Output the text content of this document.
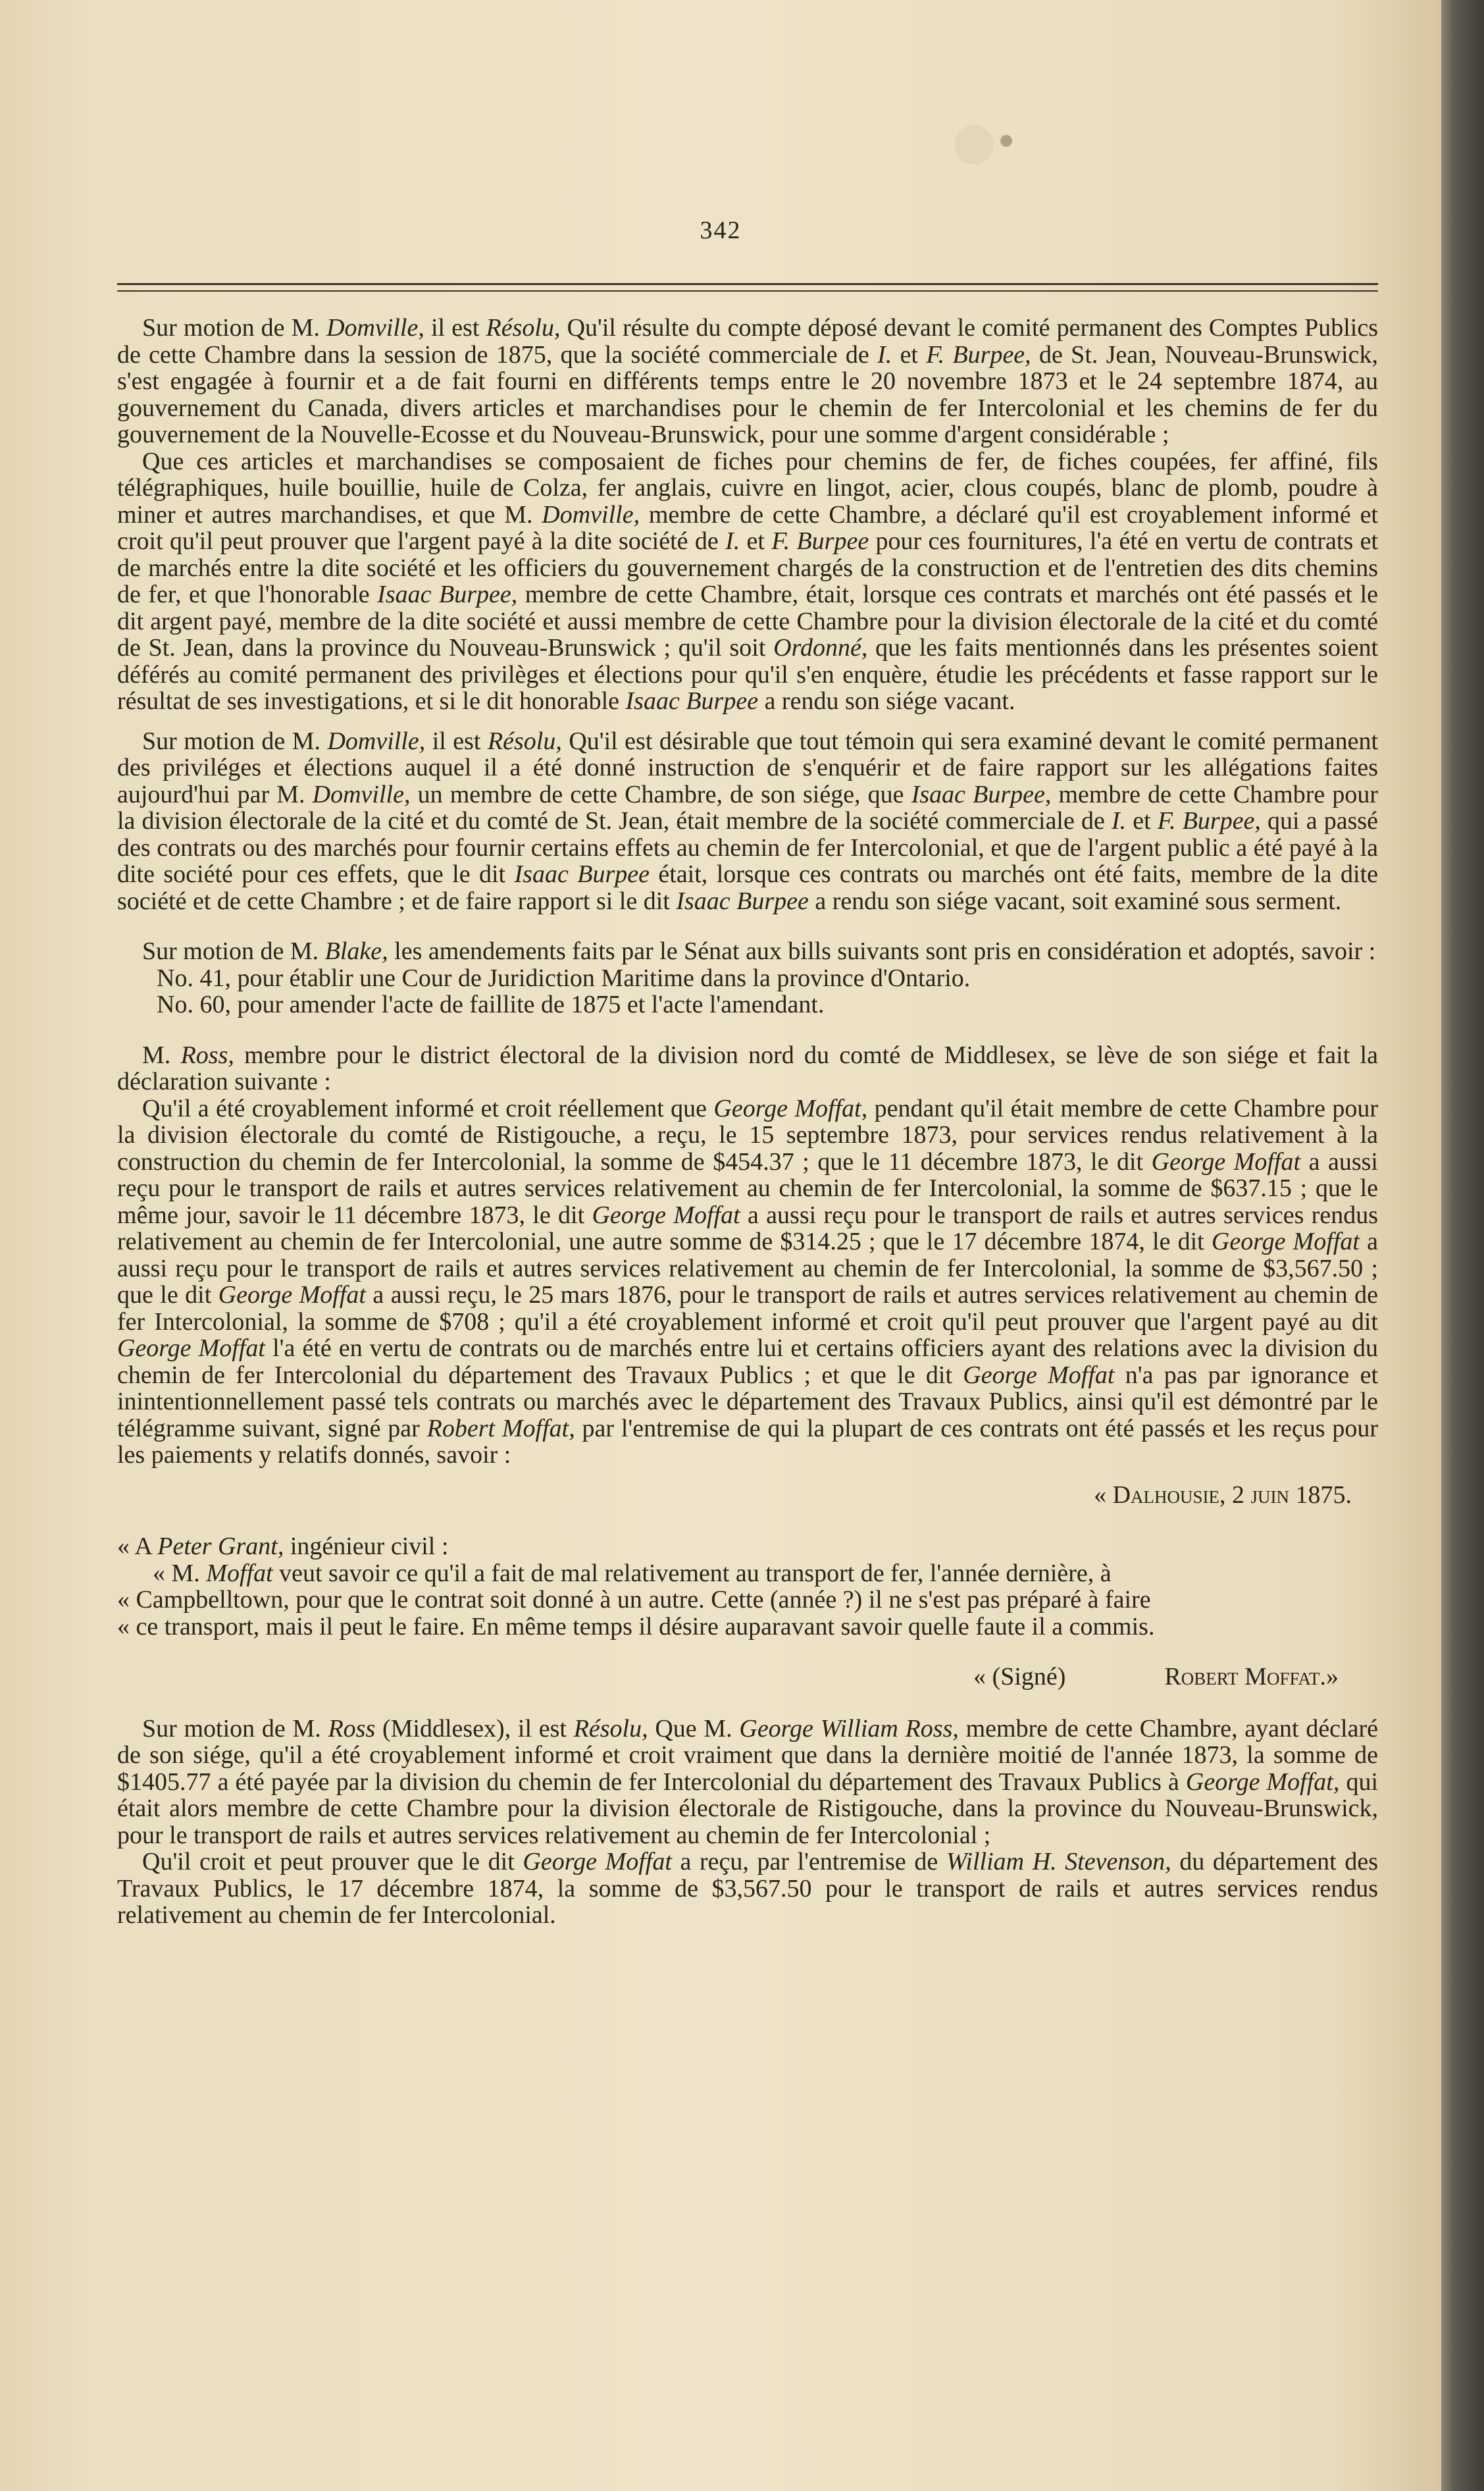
342

Sur motion de M. Domville, il est Résolu, Qu'il résulte du compte déposé devant le comité permanent des Comptes Publics de cette Chambre dans la session de 1875, que la société commerciale de I. et F. Burpee, de St. Jean, Nouveau-Brunswick, s'est engagée à fournir et a de fait fourni en différents temps entre le 20 novembre 1873 et le 24 septembre 1874, au gouvernement du Canada, divers articles et marchandises pour le chemin de fer Intercolonial et les chemins de fer du gouvernement de la Nouvelle-Ecosse et du Nouveau-Brunswick, pour une somme d'argent considérable ;

Que ces articles et marchandises se composaient de fiches pour chemins de fer, de fiches coupées, fer affiné, fils télégraphiques, huile bouillie, huile de Colza, fer anglais, cuivre en lingot, acier, clous coupés, blanc de plomb, poudre à miner et autres marchandises, et que M. Domville, membre de cette Chambre, a déclaré qu'il est croyablement informé et croit qu'il peut prouver que l'argent payé à la dite société de I. et F. Burpee pour ces fournitures, l'a été en vertu de contrats et de marchés entre la dite société et les officiers du gouvernement chargés de la construction et de l'entretien des dits chemins de fer, et que l'honorable Isaac Burpee, membre de cette Chambre, était, lorsque ces contrats et marchés ont été passés et le dit argent payé, membre de la dite société et aussi membre de cette Chambre pour la division électorale de la cité et du comté de St. Jean, dans la province du Nouveau-Brunswick ; qu'il soit Ordonné, que les faits mentionnés dans les présentes soient déférés au comité permanent des privilèges et élections pour qu'il s'en enquère, étudie les précédents et fasse rapport sur le résultat de ses investigations, et si le dit honorable Isaac Burpee a rendu son siége vacant.

Sur motion de M. Domville, il est Résolu, Qu'il est désirable que tout témoin qui sera examiné devant le comité permanent des priviléges et élections auquel il a été donné instruction de s'enquérir et de faire rapport sur les allégations faites aujourd'hui par M. Domville, un membre de cette Chambre, de son siége, que Isaac Burpee, membre de cette Chambre pour la division électorale de la cité et du comté de St. Jean, était membre de la société commerciale de I. et F. Burpee, qui a passé des contrats ou des marchés pour fournir certains effets au chemin de fer Intercolonial, et que de l'argent public a été payé à la dite société pour ces effets, que le dit Isaac Burpee était, lorsque ces contrats ou marchés ont été faits, membre de la dite société et de cette Chambre ; et de faire rapport si le dit Isaac Burpee a rendu son siége vacant, soit examiné sous serment.

Sur motion de M. Blake, les amendements faits par le Sénat aux bills suivants sont pris en considération et adoptés, savoir :

No. 41, pour établir une Cour de Juridiction Maritime dans la province d'Ontario.

No. 60, pour amender l'acte de faillite de 1875 et l'acte l'amendant.

M. Ross, membre pour le district électoral de la division nord du comté de Middlesex, se lève de son siége et fait la déclaration suivante :

Qu'il a été croyablement informé et croit réellement que George Moffat, pendant qu'il était membre de cette Chambre pour la division électorale du comté de Ristigouche, a reçu, le 15 septembre 1873, pour services rendus relativement à la construction du chemin de fer Intercolonial, la somme de $454.37 ; que le 11 décembre 1873, le dit George Moffat a aussi reçu pour le transport de rails et autres services relativement au chemin de fer Intercolonial, la somme de $637.15 ; que le même jour, savoir le 11 décembre 1873, le dit George Moffat a aussi reçu pour le transport de rails et autres services rendus relativement au chemin de fer Intercolonial, une autre somme de $314.25 ; que le 17 décembre 1874, le dit George Moffat a aussi reçu pour le transport de rails et autres services relativement au chemin de fer Intercolonial, la somme de $3,567.50 ; que le dit George Moffat a aussi reçu, le 25 mars 1876, pour le transport de rails et autres services relativement au chemin de fer Intercolonial, la somme de $708 ; qu'il a été croyablement informé et croit qu'il peut prouver que l'argent payé au dit George Moffat l'a été en vertu de contrats ou de marchés entre lui et certains officiers ayant des relations avec la division du chemin de fer Intercolonial du département des Travaux Publics ; et que le dit George Moffat n'a pas par ignorance et inintentionnellement passé tels contrats ou marchés avec le département des Travaux Publics, ainsi qu'il est démontré par le télégramme suivant, signé par Robert Moffat, par l'entremise de qui la plupart de ces contrats ont été passés et les reçus pour les paiements y relatifs donnés, savoir :

« Dalhousie, 2 juin 1875.

« A Peter Grant, ingénieur civil :

« M. Moffat veut savoir ce qu'il a fait de mal relativement au transport de fer, l'année dernière, à

« Campbelltown, pour que le contrat soit donné à un autre. Cette (année ?) il ne s'est pas préparé à faire

« ce transport, mais il peut le faire. En même temps il désire auparavant savoir quelle faute il a commis.

« (Signé)	Robert Moffat.»

Sur motion de M. Ross (Middlesex), il est Résolu, Que M. George William Ross, membre de cette Chambre, ayant déclaré de son siége, qu'il a été croyablement informé et croit vraiment que dans la dernière moitié de l'année 1873, la somme de $1405.77 a été payée par la division du chemin de fer Intercolonial du département des Travaux Publics à George Moffat, qui était alors membre de cette Chambre pour la division électorale de Ristigouche, dans la province du Nouveau-Brunswick, pour le transport de rails et autres services relativement au chemin de fer Intercolonial ;

Qu'il croit et peut prouver que le dit George Moffat a reçu, par l'entremise de William H. Stevenson, du département des Travaux Publics, le 17 décembre 1874, la somme de $3,567.50 pour le transport de rails et autres services rendus relativement au chemin de fer Intercolonial.
